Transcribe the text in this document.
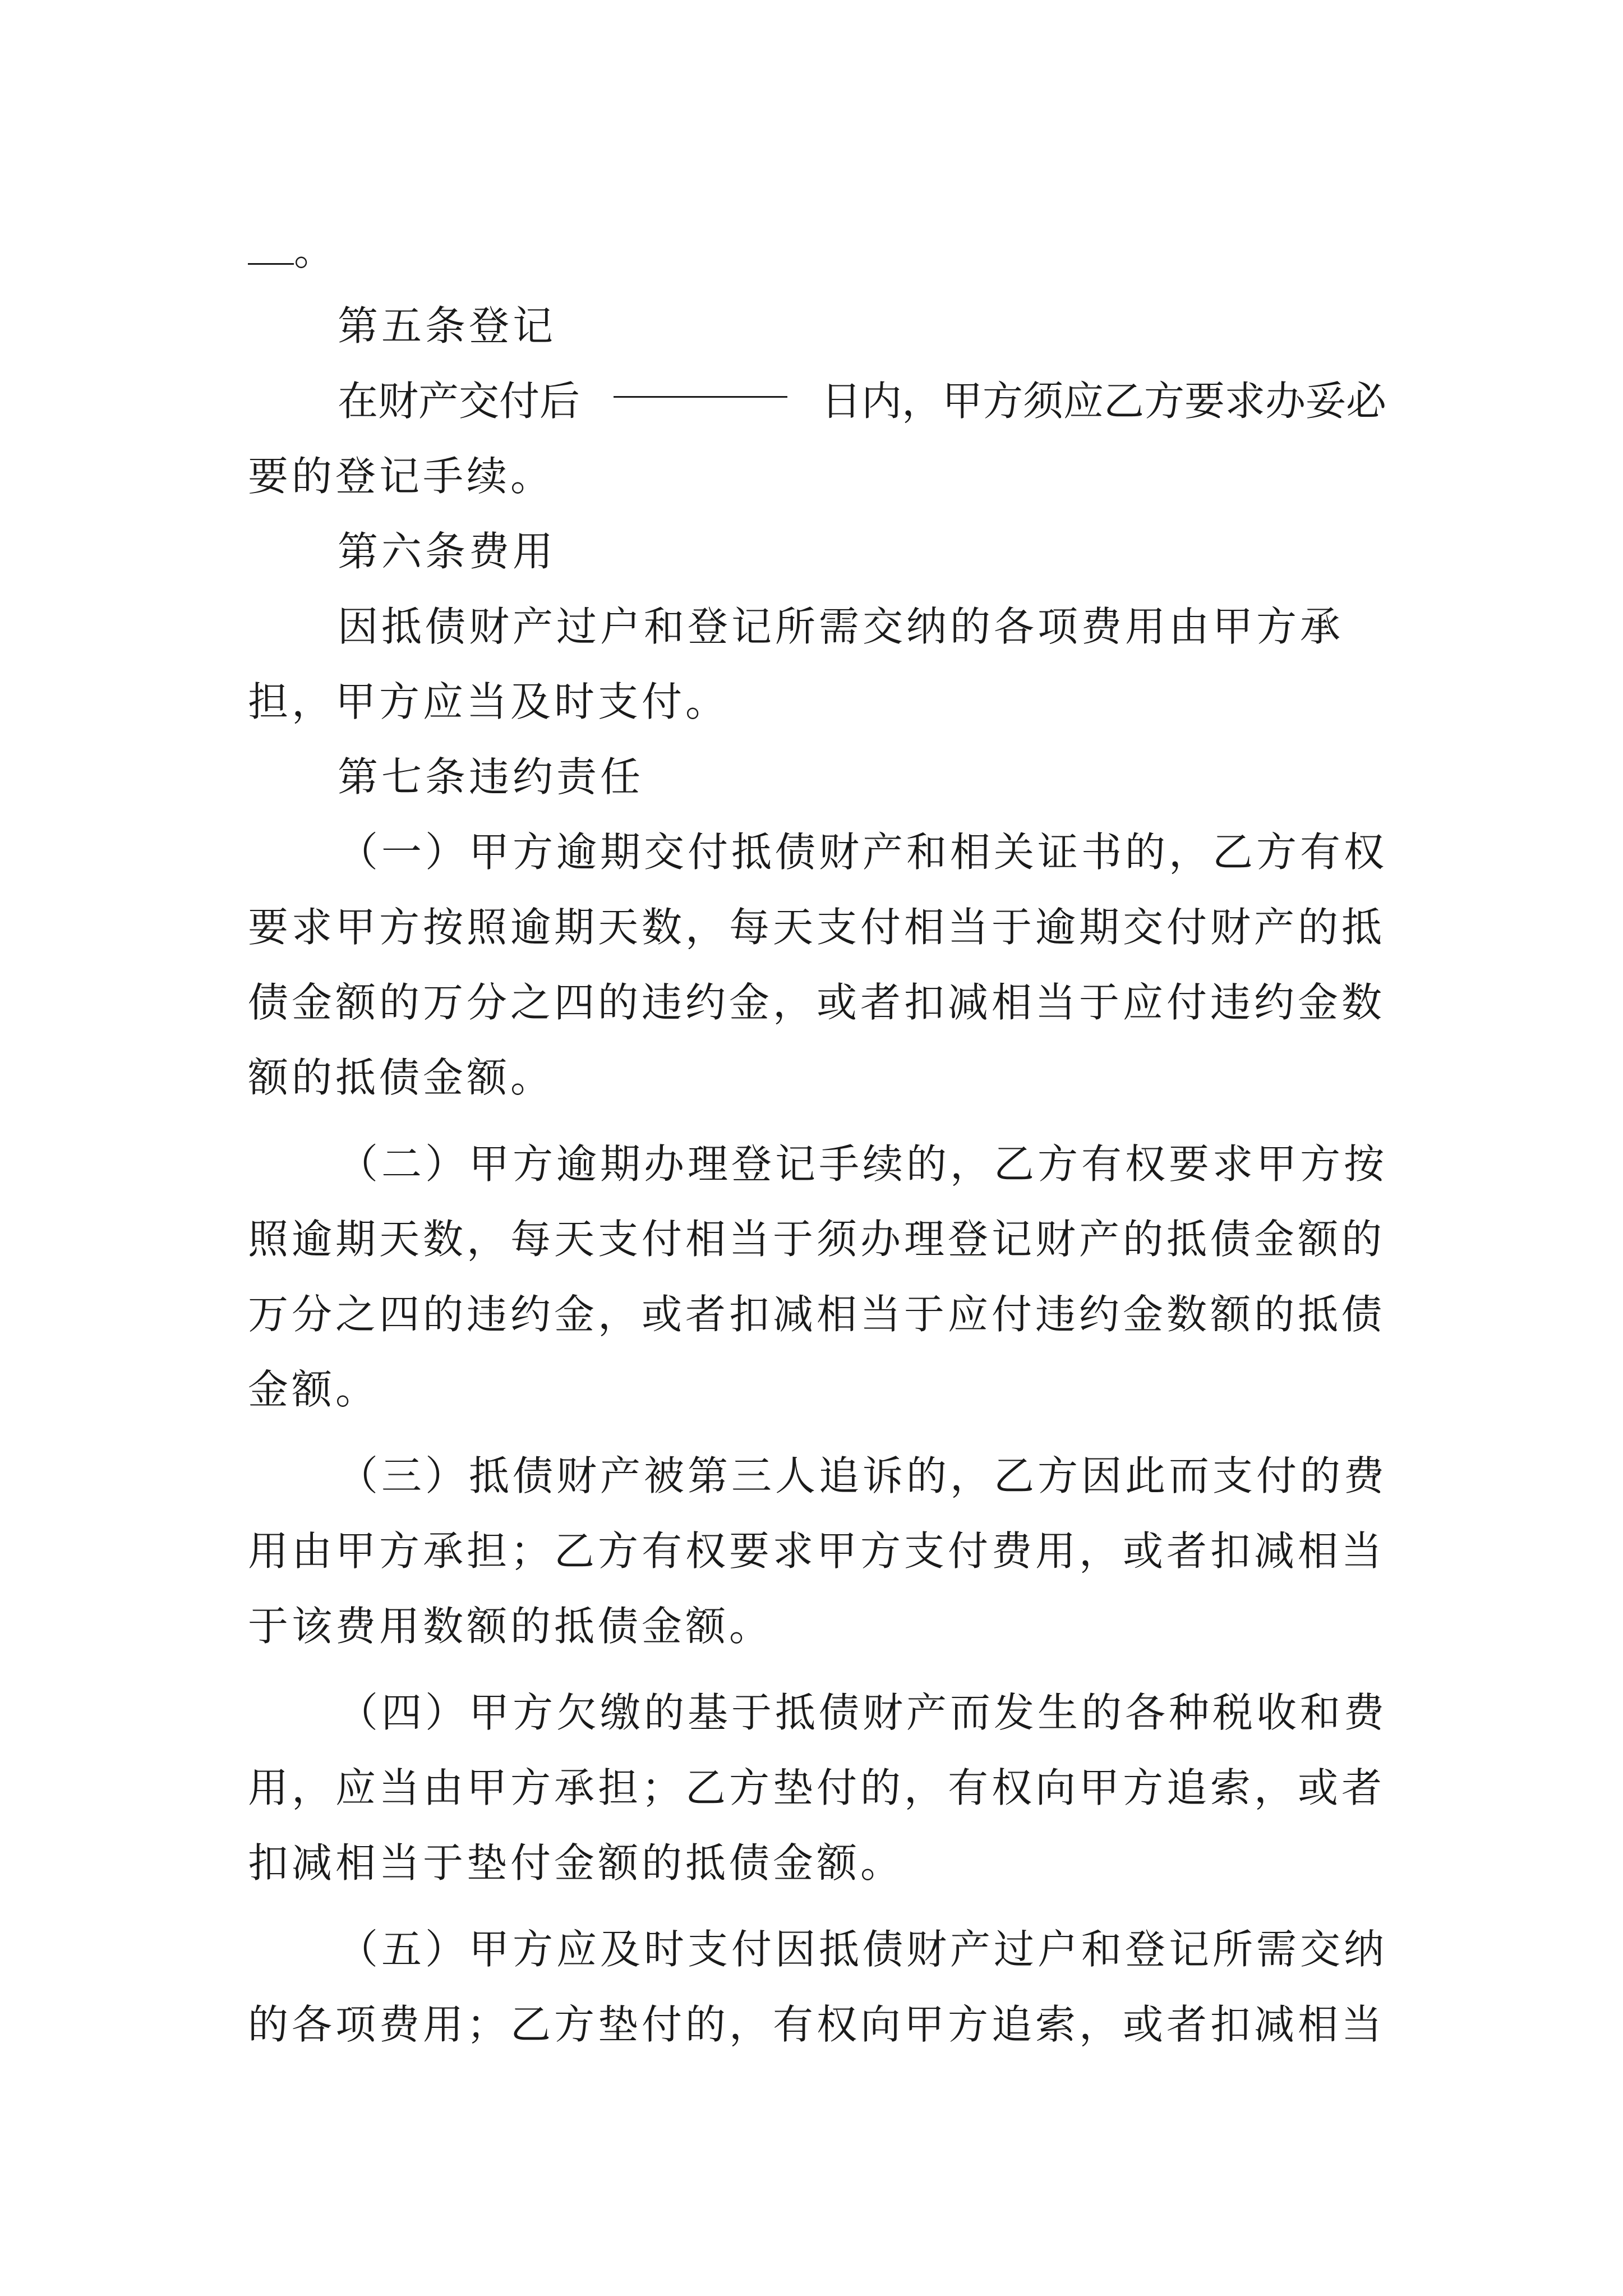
。
第五条登记
在财产交付后	日内，甲方须应乙方要求办妥必
要的登记手续。
第六条费用
因抵债财产过户和登记所需交纳的各项费用由甲方承
担，甲方应当及时支付。
第七条违约责任
（一）甲方逾期交付抵债财产和相关证书的，乙方有权
要求甲方按照逾期天数，每天支付相当于逾期交付财产的抵
债金额的万分之四的违约金，或者扣减相当于应付违约金数
额的抵债金额。
（二）甲方逾期办理登记手续的，乙方有权要求甲方按
照逾期天数，每天支付相当于须办理登记财产的抵债金额的
万分之四的违约金，或者扣减相当于应付违约金数额的抵债
金额。
（三）抵债财产被第三人追诉的，乙方因此而支付的费
用由甲方承担；乙方有权要求甲方支付费用，或者扣减相当
于该费用数额的抵债金额。
（四）甲方欠缴的基于抵债财产而发生的各种税收和费
用，应当由甲方承担；乙方垫付的，有权向甲方追索，或者
扣减相当于垫付金额的抵债金额。
（五）甲方应及时支付因抵债财产过户和登记所需交纳
的各项费用；乙方垫付的，有权向甲方追索，或者扣减相当
